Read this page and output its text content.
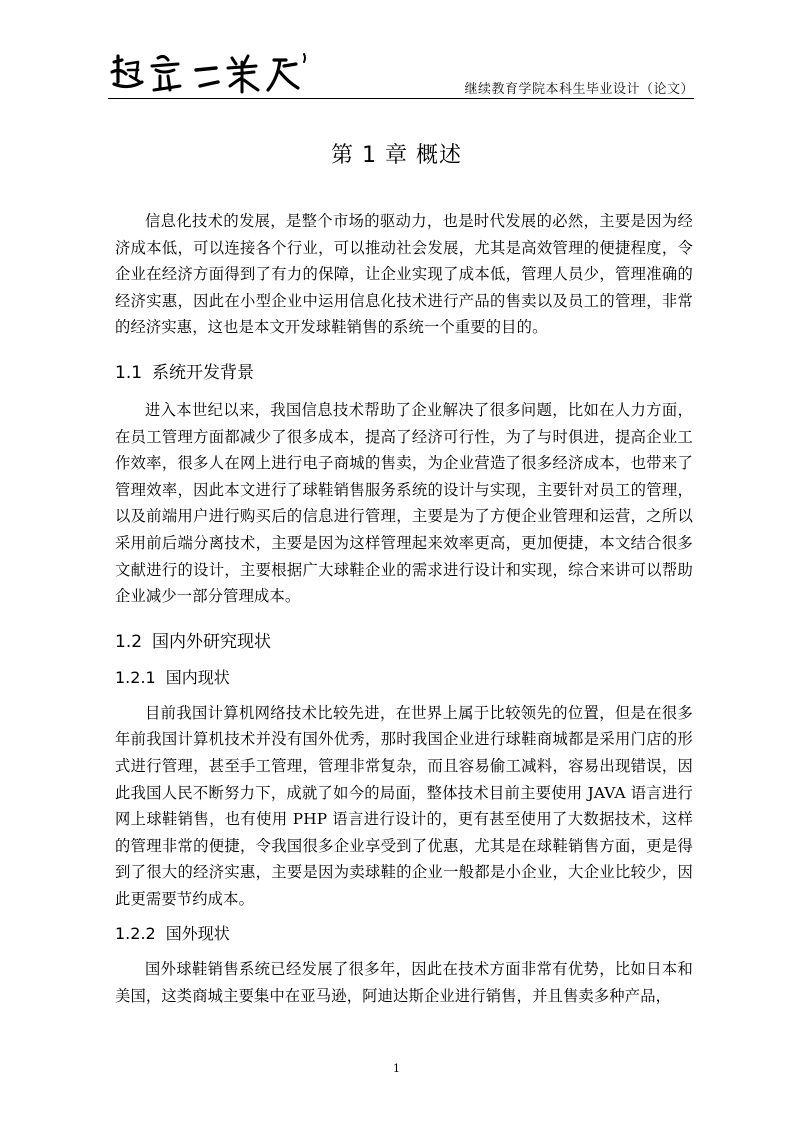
继续教育学院本科生毕业设计（论文）
第 1 章 概述

信息化技术的发展，是整个市场的驱动力，也是时代发展的必然，主要是因为经济成本低，可以连接各个行业，可以推动社会发展，尤其是高效管理的便捷程度，令企业在经济方面得到了有力的保障，让企业实现了成本低，管理人员少，管理准确的经济实惠，因此在小型企业中运用信息化技术进行产品的售卖以及员工的管理，非常的经济实惠，这也是本文开发球鞋销售的系统一个重要的目的。

1.1 系统开发背景

进入本世纪以来，我国信息技术帮助了企业解决了很多问题，比如在人力方面，在员工管理方面都减少了很多成本，提高了经济可行性，为了与时俱进，提高企业工作效率，很多人在网上进行电子商城的售卖，为企业营造了很多经济成本，也带来了管理效率，因此本文进行了球鞋销售服务系统的设计与实现，主要针对员工的管理，以及前端用户进行购买后的信息进行管理，主要是为了方便企业管理和运营，之所以采用前后端分离技术，主要是因为这样管理起来效率更高，更加便捷，本文结合很多文献进行的设计，主要根据广大球鞋企业的需求进行设计和实现，综合来讲可以帮助企业减少一部分管理成本。

1.2 国内外研究现状
1.2.1 国内现状

目前我国计算机网络技术比较先进，在世界上属于比较领先的位置，但是在很多年前我国计算机技术并没有国外优秀，那时我国企业进行球鞋商城都是采用门店的形式进行管理，甚至手工管理，管理非常复杂，而且容易偷工减料，容易出现错误，因此我国人民不断努力下，成就了如今的局面，整体技术目前主要使用 JAVA 语言进行网上球鞋销售，也有使用 PHP 语言进行设计的，更有甚至使用了大数据技术，这样的管理非常的便捷，令我国很多企业享受到了优惠，尤其是在球鞋销售方面，更是得到了很大的经济实惠，主要是因为卖球鞋的企业一般都是小企业，大企业比较少，因此更需要节约成本。

1.2.2 国外现状

国外球鞋销售系统已经发展了很多年，因此在技术方面非常有优势，比如日本和美国，这类商城主要集中在亚马逊，阿迪达斯企业进行销售，并且售卖多种产品，

1
